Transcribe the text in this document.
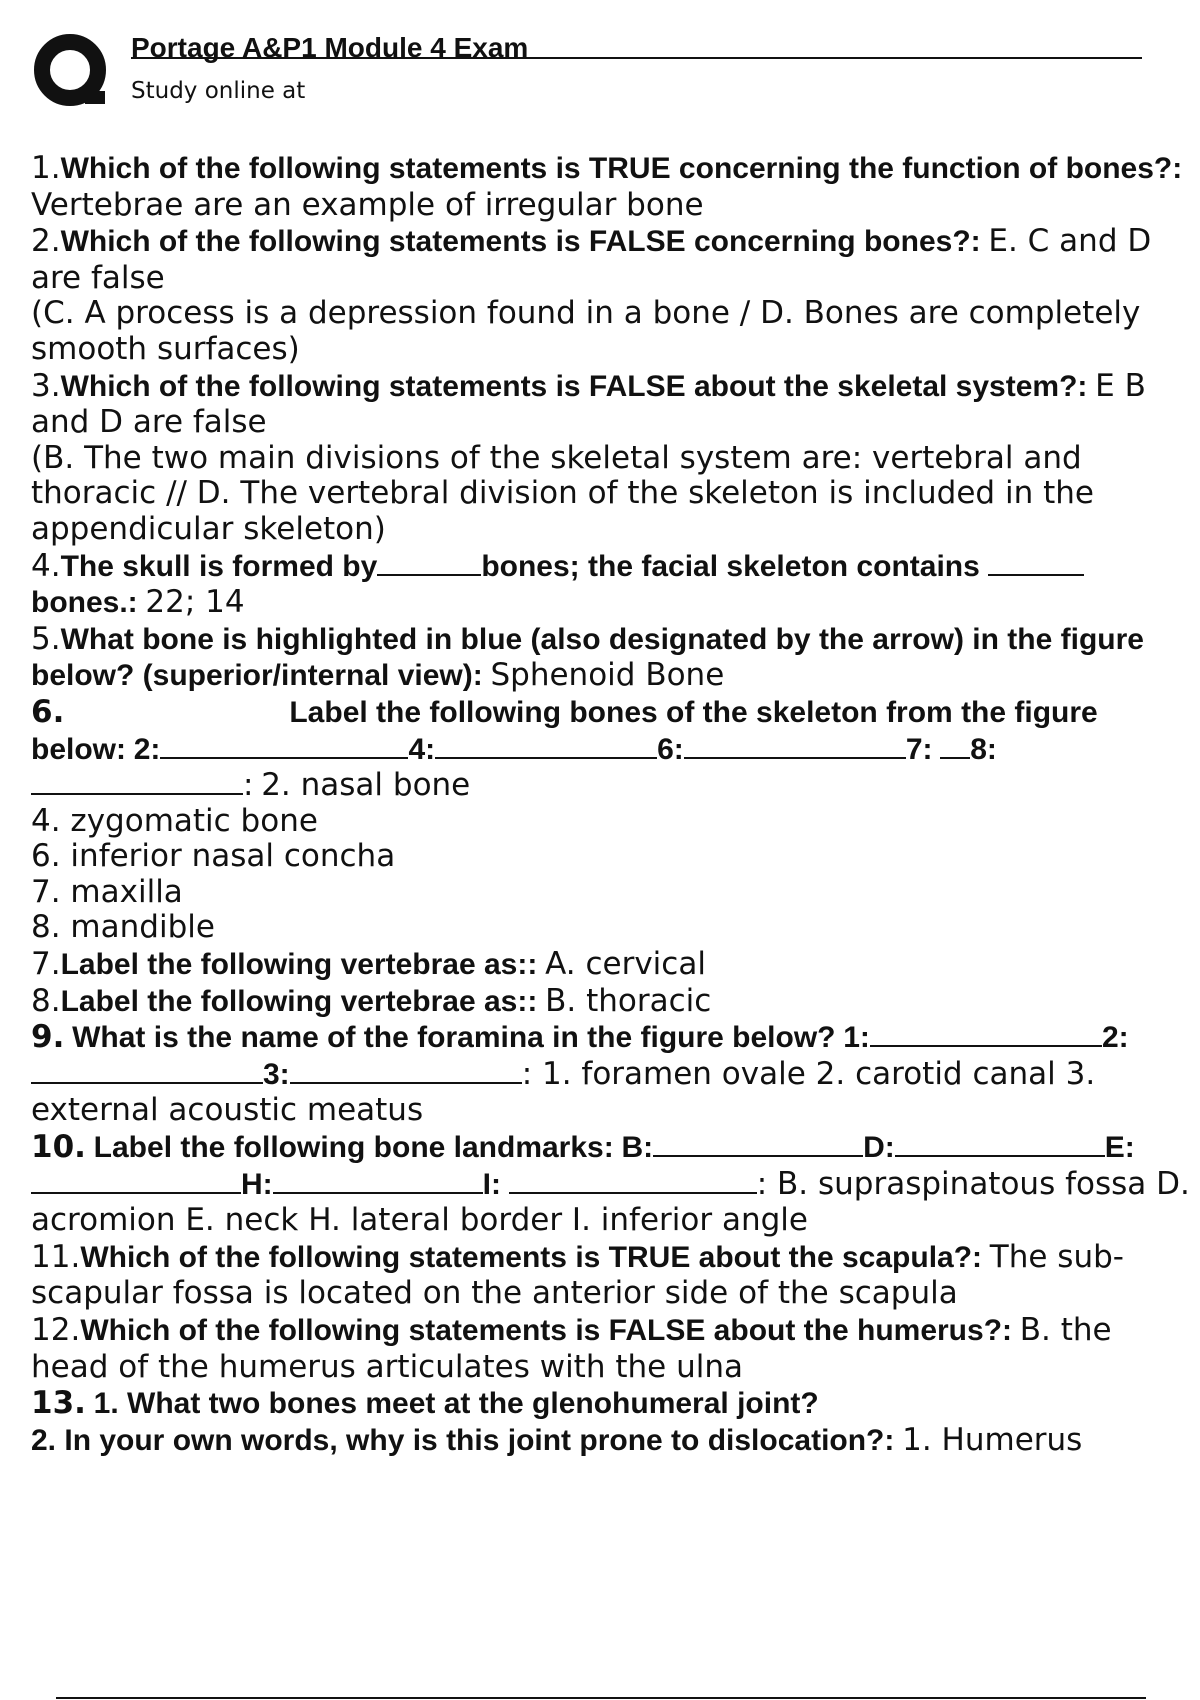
Portage A&P1 Module 4 Exam
Study online at

1.Which of the following statements is TRUE concerning the function of bones?: Vertebrae are an example of irregular bone

2.Which of the following statements is FALSE concerning bones?: E. C and D are false

(C. A process is a depression found in a bone / D. Bones are completely smooth surfaces)

3.Which of the following statements is FALSE about the skeletal system?: E B and D are false

(B. The two main divisions of the skeletal system are: vertebral and thoracic // D. The vertebral division of the skeleton is included in the appendicular skeleton)

4.The skull is formed by	bones; the facial skeleton contains  bones.: 22; 14

5.What bone is highlighted in blue (also designated by the arrow) in the figure below? (superior/internal view): Sphenoid Bone

6.	Label the following bones of the skeleton from the figure below: 2:	4:	6:	7: 8: : 2. nasal bone

4. zygomatic bone

6. inferior nasal concha

7. maxilla

8. mandible

7.Label the following vertebrae as:: A. cervical

8.Label the following vertebrae as:: B. thoracic

9. What is the name of the foramina in the figure below? 1:	2:3:	: 1. foramen ovale 2. carotid canal 3. external acoustic meatus

10. Label the following bone landmarks: B:	D:	E:H:	I:	: B. supraspinatous fossa D. acromion E. neck H. lateral border I. inferior angle

11.Which of the following statements is TRUE about the scapula?: The sub- scapular fossa is located on the anterior side of the scapula

12.Which of the following statements is FALSE about the humerus?: B. the head of the humerus articulates with the ulna

13. 1. What two bones meet at the glenohumeral joint?

2. In your own words, why is this joint prone to dislocation?: 1. Humerus
